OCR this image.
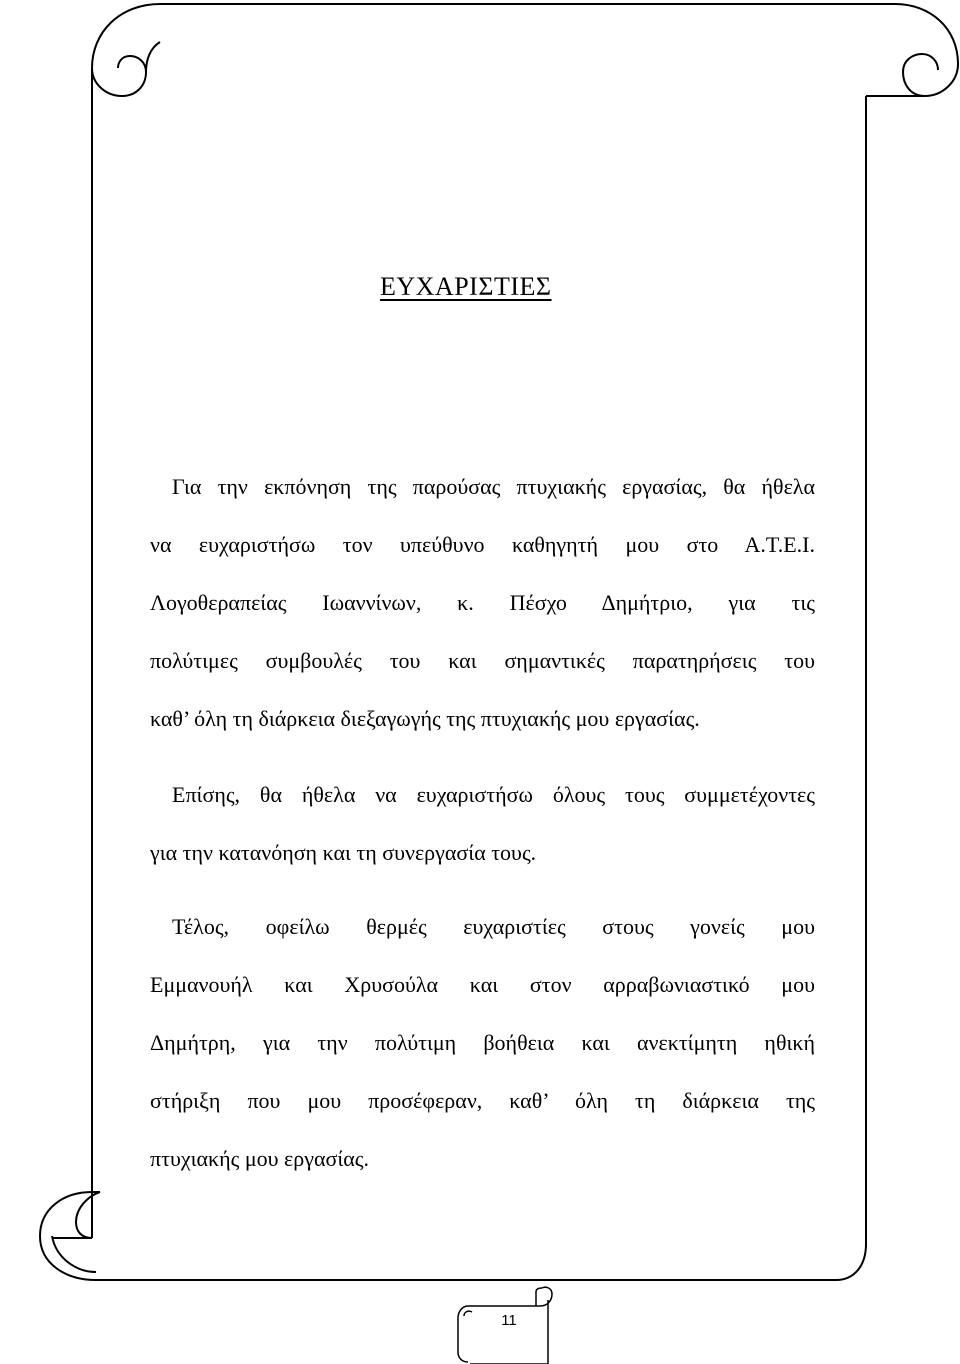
ΕΥΧΑΡΙΣΤΙΕΣ
Για την εκπόνηση της παρούσας πτυχιακής εργασίας, θα ήθελα
να ευχαριστήσω τον υπεύθυνο καθηγητή μου στο Α.Τ.Ε.Ι.
Λογοθεραπείας Ιωαννίνων, κ. Πέσχο Δημήτριο, για τις
πολύτιμες συμβουλές του και σημαντικές παρατηρήσεις του
καθ’ όλη τη διάρκεια διεξαγωγής της πτυχιακής μου εργασίας.
Επίσης, θα ήθελα να ευχαριστήσω όλους τους συμμετέχοντες
για την κατανόηση και τη συνεργασία τους.
Τέλος, οφείλω θερμές ευχαριστίες στους γονείς μου
Εμμανουήλ και Χρυσούλα και στον αρραβωνιαστικό μου
Δημήτρη, για την πολύτιμη βοήθεια και ανεκτίμητη ηθική
στήριξη που μου προσέφεραν, καθ’ όλη τη διάρκεια της
πτυχιακής μου εργασίας.
11
